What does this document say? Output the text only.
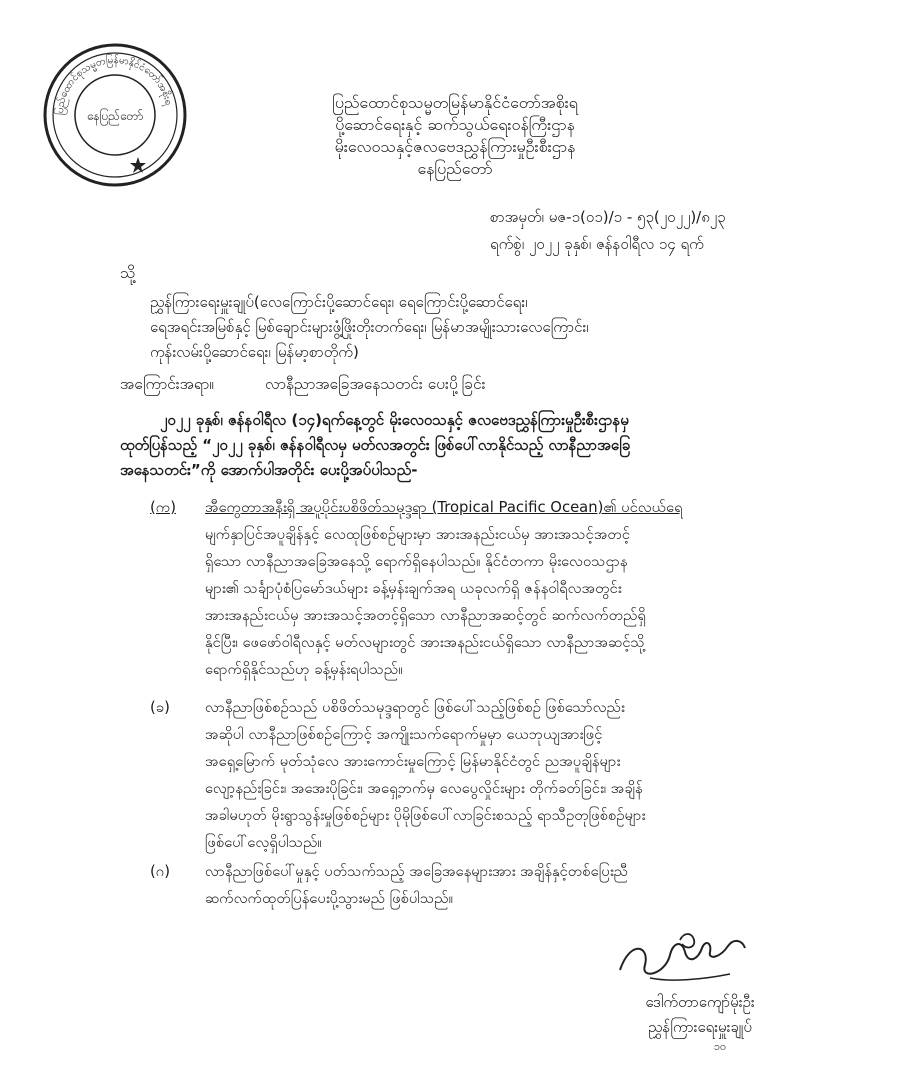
ပြည်ထောင်စုသမ္မတမြန်မာနိုင်ငံတော်အစိုးရ
နေပြည်တော်
ပြည်ထောင်စုသမ္မတမြန်မာနိုင်ငံတော်အစိုးရ
ပို့ဆောင်ရေးနှင့် ဆက်သွယ်ရေးဝန်ကြီးဌာန
မိုးလေဝသနှင့်ဇလဗေဒညွှန်ကြားမှုဦးစီးဌာန
နေပြည်တော်
စာအမှတ်၊ မဇ-၁(၀၁)/၁ - ၅၃(၂၀၂၂)/၈၂၃
ရက်စွဲ၊ ၂၀၂၂ ခုနှစ်၊ ဇန်နဝါရီလ ၁၄ ရက်
သို့
ညွှန်ကြားရေးမှူးချုပ်(လေကြောင်းပို့ဆောင်ရေး၊ ရေကြောင်းပို့ဆောင်ရေး၊
ရေအရင်းအမြစ်နှင့် မြစ်ချောင်းများဖွံ့ဖြိုးတိုးတက်ရေး၊ မြန်မာအမျိုးသားလေကြောင်း၊
ကုန်းလမ်းပို့ဆောင်ရေး၊ မြန်မာ့စာတိုက်)
အကြောင်းအရာ။	လာနီညာအခြေအနေသတင်း ပေးပို့ခြင်း
၂၀၂၂ ခုနှစ်၊ ဇန်နဝါရီလ (၁၄)ရက်နေ့တွင် မိုးလေဝသနှင့် ဇလဗေဒညွှန်ကြားမှုဦးစီးဌာနမှ
ထုတ်ပြန်သည့် “၂၀၂၂ ခုနှစ်၊ ဇန်နဝါရီလမှ မတ်လအတွင်း ဖြစ်ပေါ်လာနိုင်သည့် လာနီညာအခြေ
အနေသတင်း”ကို အောက်ပါအတိုင်း ပေးပို့အပ်ပါသည်-
(က)	အီကွေတာအနီးရှိ အပူပိုင်းပစိဖိတ်သမုဒ္ဒရာ (Tropical Pacific Ocean)၏ ပင်လယ်ရေ
မျက်နှာပြင်အပူချိန်နှင့် လေထုဖြစ်စဉ်များမှာ အားအနည်းငယ်မှ အားအသင့်အတင့်
ရှိသော လာနီညာအခြေအနေသို့ ရောက်ရှိနေပါသည်။ နိုင်ငံတကာ မိုးလေဝသဌာန
များ၏ သင်္ချာပုံစံပြမော်ဒယ်များ ခန့်မှန်းချက်အရ ယခုလက်ရှိ ဇန်နဝါရီလအတွင်း
အားအနည်းငယ်မှ အားအသင့်အတင့်ရှိသော လာနီညာအဆင့်တွင် ဆက်လက်တည်ရှိ
နိုင်ပြီး၊ ဖေဖော်ဝါရီလနှင့် မတ်လများတွင် အားအနည်းငယ်ရှိသော လာနီညာအဆင့်သို့
ရောက်ရှိနိုင်သည်ဟု ခန့်မှန်းရပါသည်။
(ခ)	လာနီညာဖြစ်စဉ်သည် ပစိဖိတ်သမုဒ္ဒရာတွင် ဖြစ်ပေါ်သည့်ဖြစ်စဉ် ဖြစ်သော်လည်း
အဆိုပါ လာနီညာဖြစ်စဉ်ကြောင့် အကျိုးသက်ရောက်မှုမှာ ယေဘုယျအားဖြင့်
အရှေ့မြောက် မုတ်သုံလေ အားကောင်းမှုကြောင့် မြန်မာနိုင်ငံတွင် ညအပူချိန်များ
လျော့နည်းခြင်း၊ အအေးပိုခြင်း၊ အရှေ့ဘက်မှ လေပွေလှိုင်းများ တိုက်ခတ်ခြင်း၊ အချိန်
အခါမဟုတ် မိုးရွာသွန်းမှုဖြစ်စဉ်များ ပိုမိုဖြစ်ပေါ်လာခြင်းစသည့် ရာသီဥတုဖြစ်စဉ်များ
ဖြစ်ပေါ်လေ့ရှိပါသည်။
(ဂ)	လာနီညာဖြစ်ပေါ်မှုနှင့် ပတ်သက်သည့် အခြေအနေများအား အချိန်နှင့်တစ်ပြေးညီ
ဆက်လက်ထုတ်ပြန်ပေးပို့သွားမည် ဖြစ်ပါသည်။
ဒေါက်တာကျော်မိုးဦး
ညွှန်ကြားရေးမှူးချုပ်
၁၀
